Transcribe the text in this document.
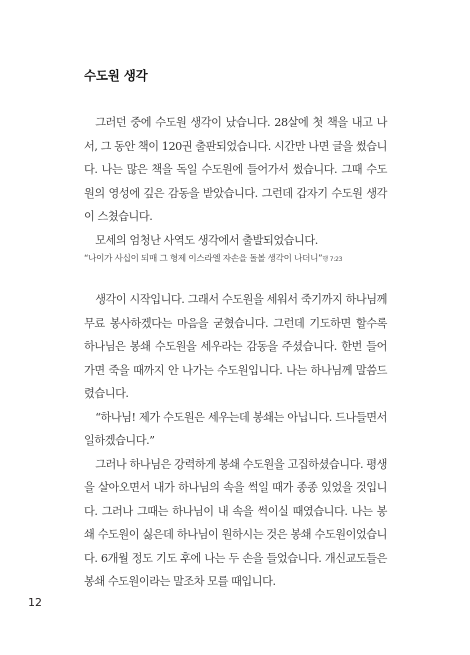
수도원 생각

그러던 중에 수도원 생각이 났습니다. 28살에 첫 책을 내고 나서, 그 동안 책이 120권 출판되었습니다. 시간만 나면 글을 썼습니다. 나는 많은 책을 독일 수도원에 들어가서 썼습니다. 그때 수도원의 영성에 깊은 감동을 받았습니다. 그런데 갑자기 수도원 생각이 스쳤습니다.

모세의 엄청난 사역도 생각에서 출발되었습니다.

“나이가 사십이 되매 그 형제 이스라엘 자손을 돌볼 생각이 나더니”행 7:23

생각이 시작입니다. 그래서 수도원을 세워서 죽기까지 하나님께 무료 봉사하겠다는 마음을 굳혔습니다. 그런데 기도하면 할수록 하나님은 봉쇄 수도원을 세우라는 감동을 주셨습니다. 한번 들어가면 죽을 때까지 안 나가는 수도원입니다. 나는 하나님께 말씀드렸습니다.

“하나님! 제가 수도원은 세우는데 봉쇄는 아닙니다. 드나들면서 일하겠습니다.”

그러나 하나님은 강력하게 봉쇄 수도원을 고집하셨습니다. 평생을 살아오면서 내가 하나님의 속을 썩일 때가 종종 있었을 것입니다. 그러나 그때는 하나님이 내 속을 썩이실 때였습니다. 나는 봉쇄 수도원이 싫은데 하나님이 원하시는 것은 봉쇄 수도원이었습니다. 6개월 정도 기도 후에 나는 두 손을 들었습니다. 개신교도들은 봉쇄 수도원이라는 말조차 모를 때입니다.

12
